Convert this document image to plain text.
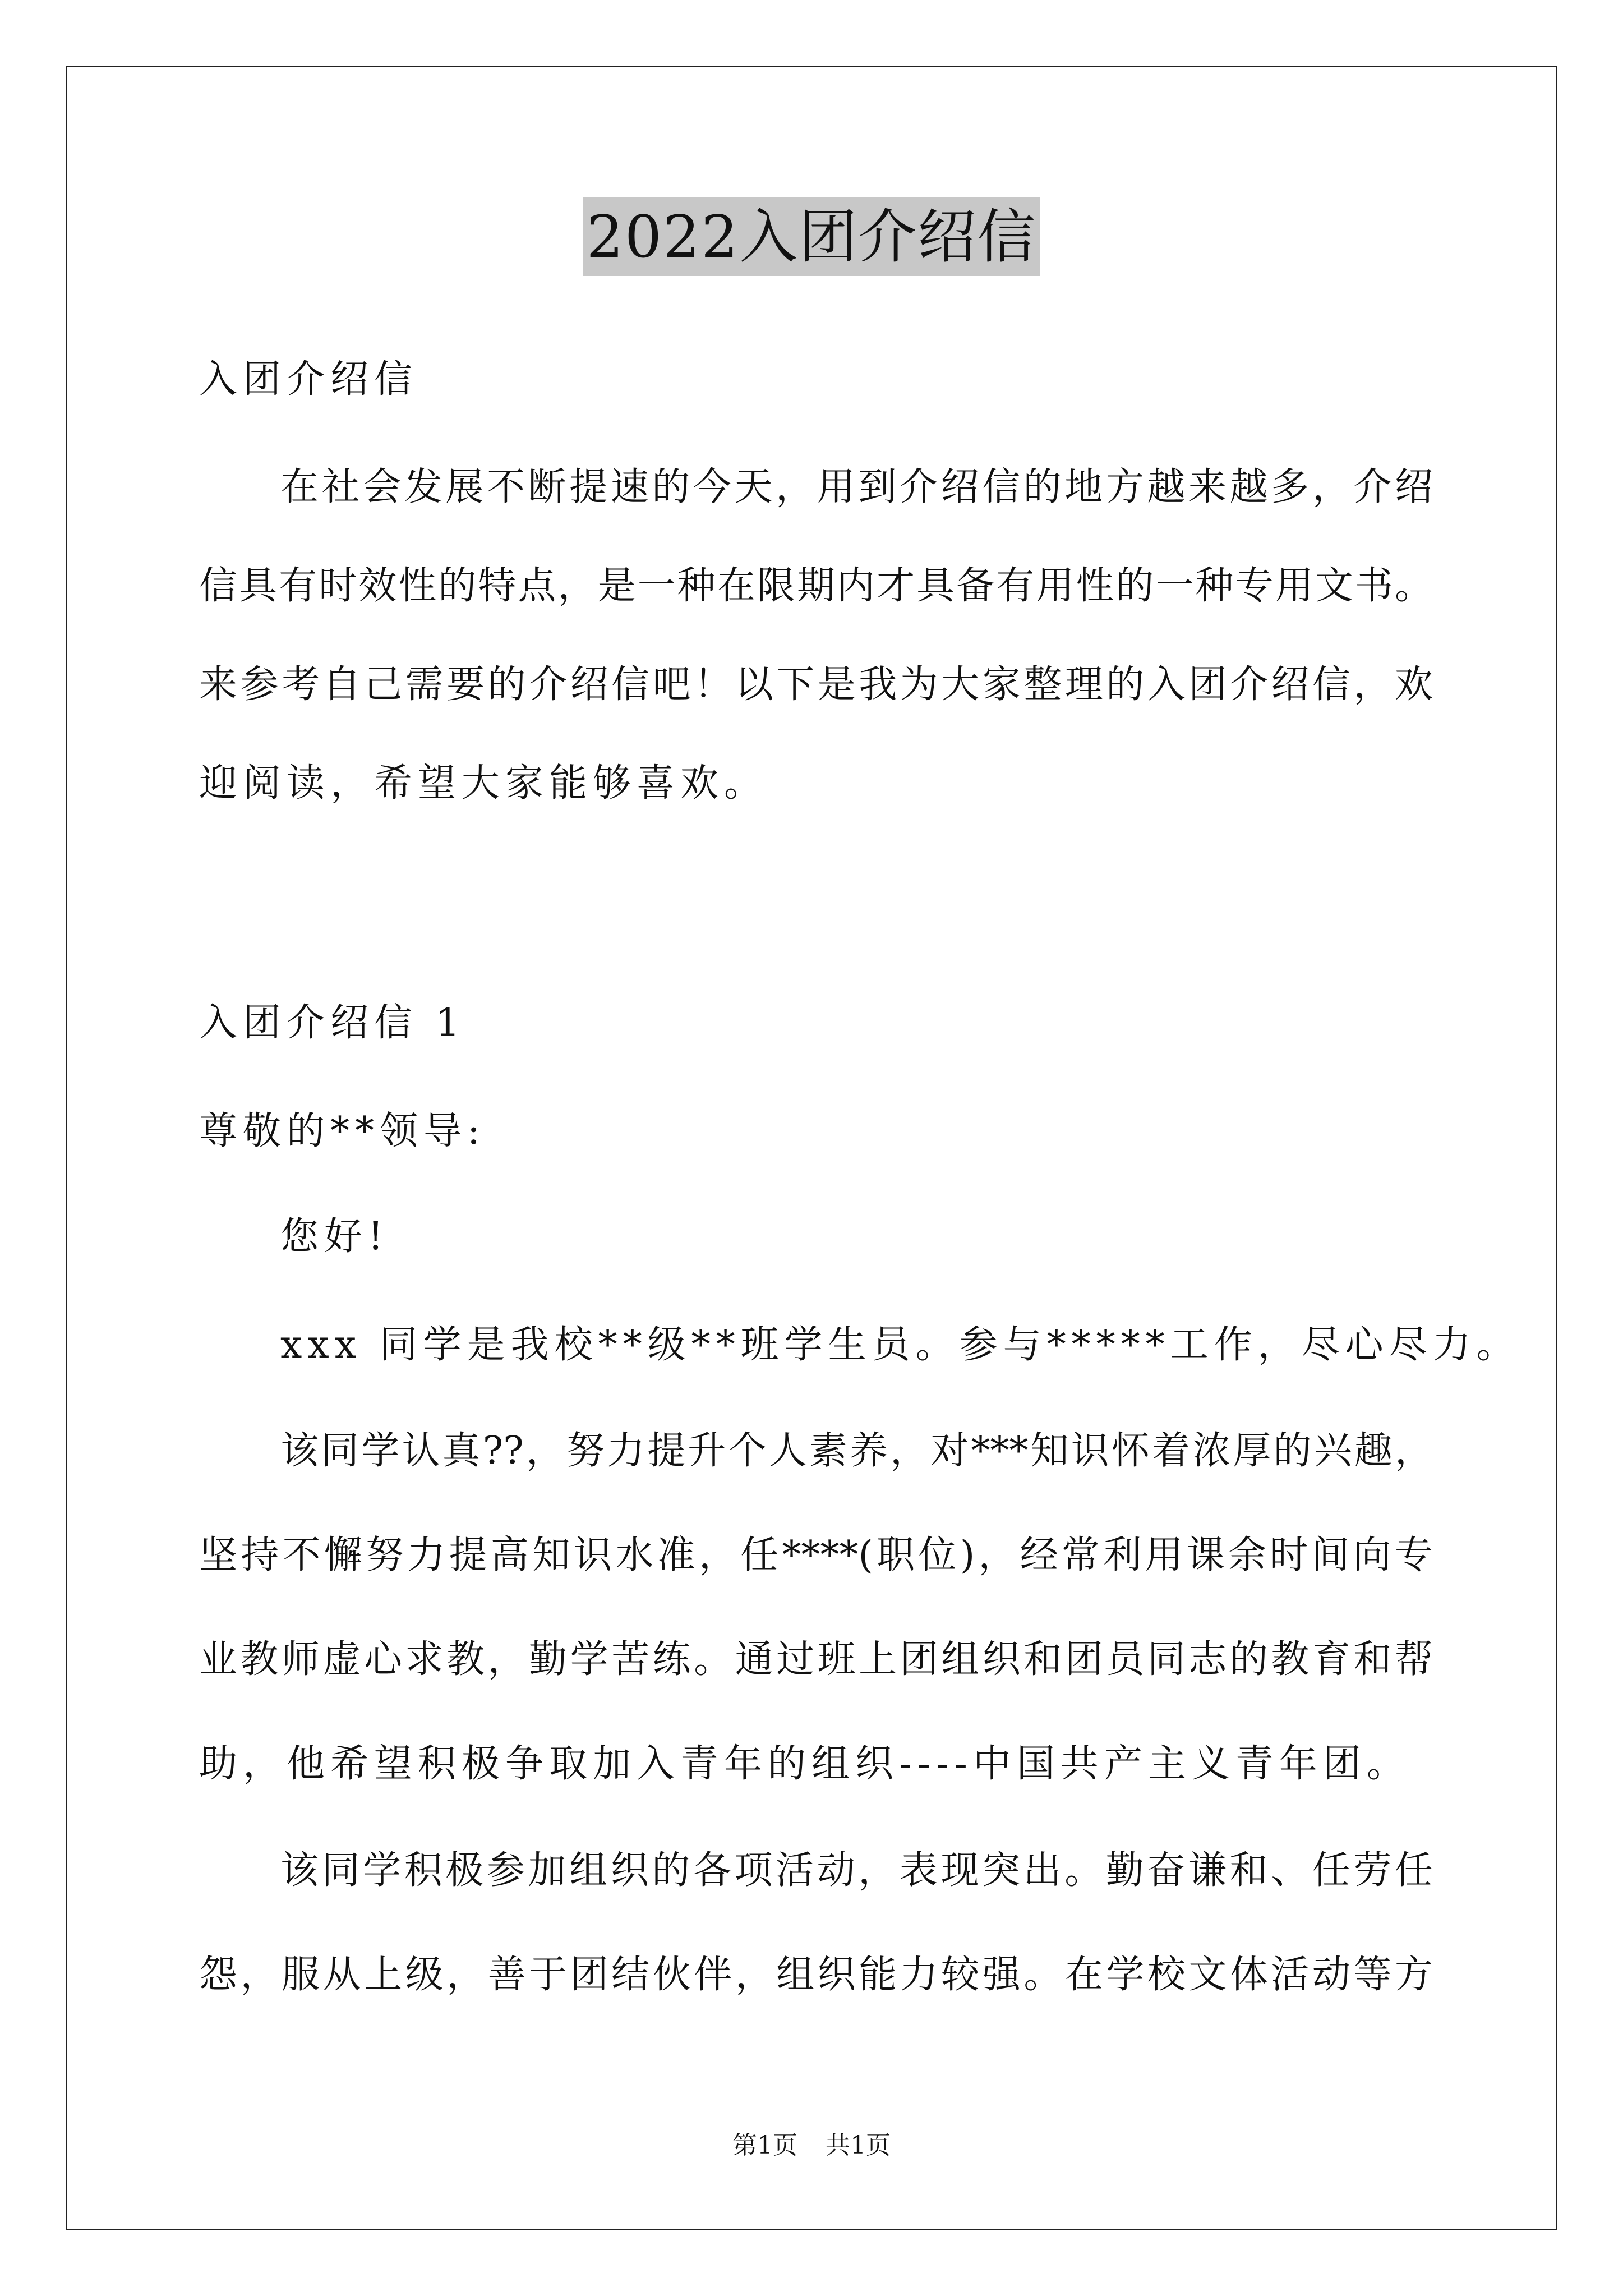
2022入团介绍信
入团介绍信
在社会发展不断提速的今天，用到介绍信的地方越来越多，介绍
信具有时效性的特点，是一种在限期内才具备有用性的一种专用文书。
来参考自己需要的介绍信吧！以下是我为大家整理的入团介绍信，欢
迎阅读，希望大家能够喜欢。
入团介绍信 1
尊敬的**领导:
您好!
xxx 同学是我校**级**班学生员。参与*****工作，尽心尽力。
该同学认真??，努力提升个人素养，对***知识怀着浓厚的兴趣，
坚持不懈努力提高知识水准，任****(职位)，经常利用课余时间向专
业教师虚心求教，勤学苦练。通过班上团组织和团员同志的教育和帮
助，他希望积极争取加入青年的组织----中国共产主义青年团。
该同学积极参加组织的各项活动，表现突出。勤奋谦和、任劳任
怨，服从上级，善于团结伙伴，组织能力较强。在学校文体活动等方
第1页 共1页
